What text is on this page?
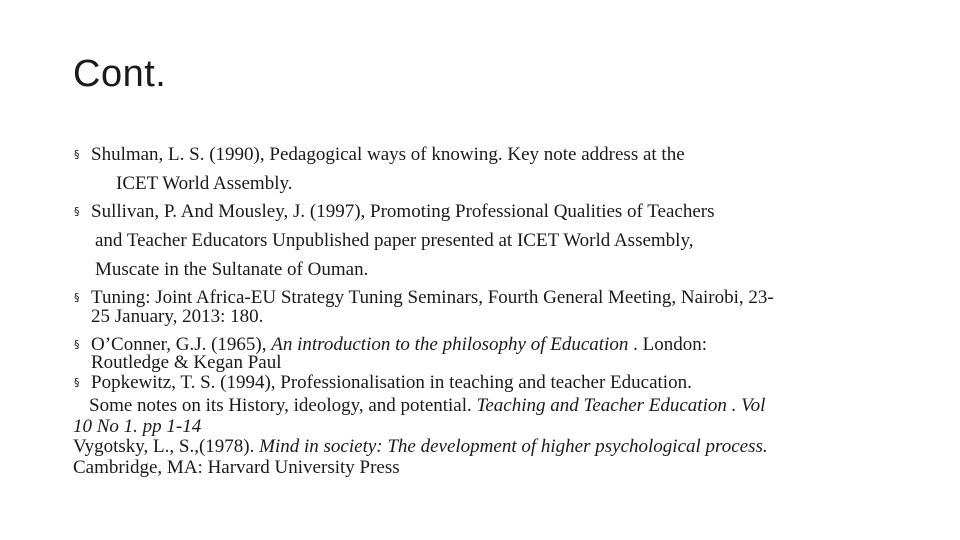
Cont.
§ Shulman, L. S. (1990), Pedagogical ways of knowing. Key note address at the
ICET World Assembly.
§ Sullivan, P. And Mousley, J. (1997), Promoting Professional Qualities of Teachers
and Teacher Educators Unpublished paper presented at ICET World Assembly,
Muscate in the Sultanate of Ouman.
§ Tuning: Joint Africa-EU Strategy Tuning Seminars, Fourth General Meeting, Nairobi, 23-
25 January, 2013: 180.
§ O’Conner, G.J. (1965), An introduction to the philosophy of Education . London:
Routledge & Kegan Paul
§ Popkewitz, T. S. (1994), Professionalisation in teaching and teacher Education.
Some notes on its History, ideology, and potential. Teaching and Teacher Education . Vol
10 No 1. pp 1-14
Vygotsky, L., S.,(1978). Mind in society: The development of higher psychological process.
Cambridge, MA: Harvard University Press
